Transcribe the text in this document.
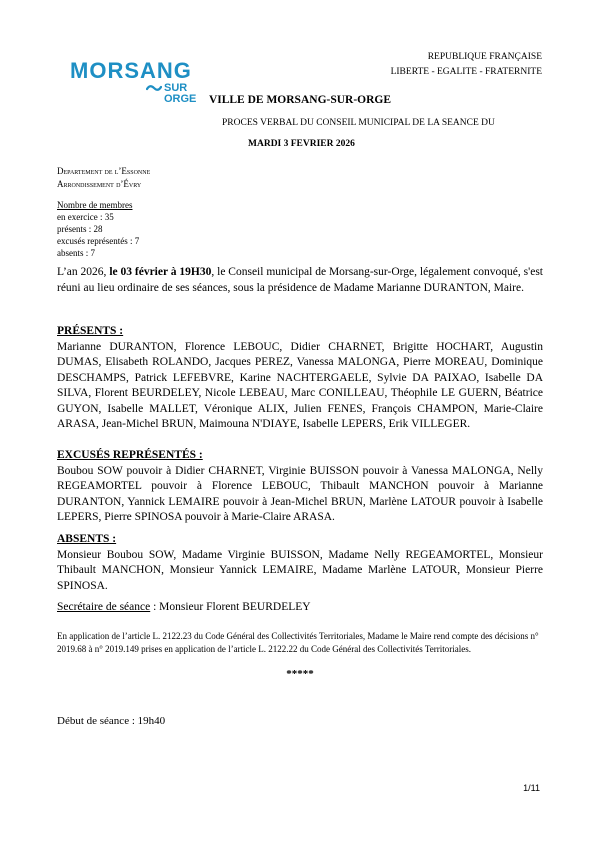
MORSANG
SUR
ORGE
REPUBLIQUE FRANÇAISE
LIBERTE - EGALITE - FRATERNITE
VILLE DE MORSANG-SUR-ORGE
PROCES VERBAL DU CONSEIL MUNICIPAL DE LA SEANCE DU
MARDI 3 FEVRIER 2026
Departement de l’Essonne
Arrondissement d’Évry
Nombre de membres
en exercice : 35
présents : 28
excusés représentés : 7
absents : 7
L’an 2026, le 03 février à 19H30, le Conseil municipal de Morsang-sur-Orge, légalement convoqué, s'est réuni au lieu ordinaire de ses séances, sous la présidence de Madame Marianne DURANTON, Maire.
PRÉSENTS :
Marianne DURANTON, Florence LEBOUC, Didier CHARNET, Brigitte HOCHART, Augustin DUMAS, Elisabeth ROLANDO, Jacques PEREZ, Vanessa MALONGA, Pierre MOREAU, Dominique DESCHAMPS, Patrick LEFEBVRE, Karine NACHTERGAELE, Sylvie DA PAIXAO, Isabelle DA SILVA, Florent BEURDELEY, Nicole LEBEAU, Marc CONILLEAU, Théophile LE GUERN, Béatrice GUYON, Isabelle MALLET, Véronique ALIX, Julien FENES, François CHAMPON, Marie-Claire ARASA, Jean-Michel BRUN, Maimouna N'DIAYE, Isabelle LEPERS, Erik VILLEGER.
EXCUSÉS REPRÉSENTÉS :
Boubou SOW pouvoir à Didier CHARNET, Virginie BUISSON pouvoir à Vanessa MALONGA, Nelly REGEAMORTEL pouvoir à Florence LEBOUC, Thibault MANCHON pouvoir à Marianne DURANTON, Yannick LEMAIRE pouvoir à Jean-Michel BRUN, Marlène LATOUR pouvoir à Isabelle LEPERS, Pierre SPINOSA pouvoir à Marie-Claire ARASA.
ABSENTS :
Monsieur Boubou SOW, Madame Virginie BUISSON, Madame Nelly REGEAMORTEL, Monsieur Thibault MANCHON, Monsieur Yannick LEMAIRE, Madame Marlène LATOUR, Monsieur Pierre SPINOSA.
Secrétaire de séance : Monsieur Florent BEURDELEY
En application de l’article L. 2122.23 du Code Général des Collectivités Territoriales, Madame le Maire rend compte des décisions n° 2019.68 à n° 2019.149 prises en application de l’article L. 2122.22 du Code Général des Collectivités Territoriales.
*****
Début de séance : 19h40
1/11
